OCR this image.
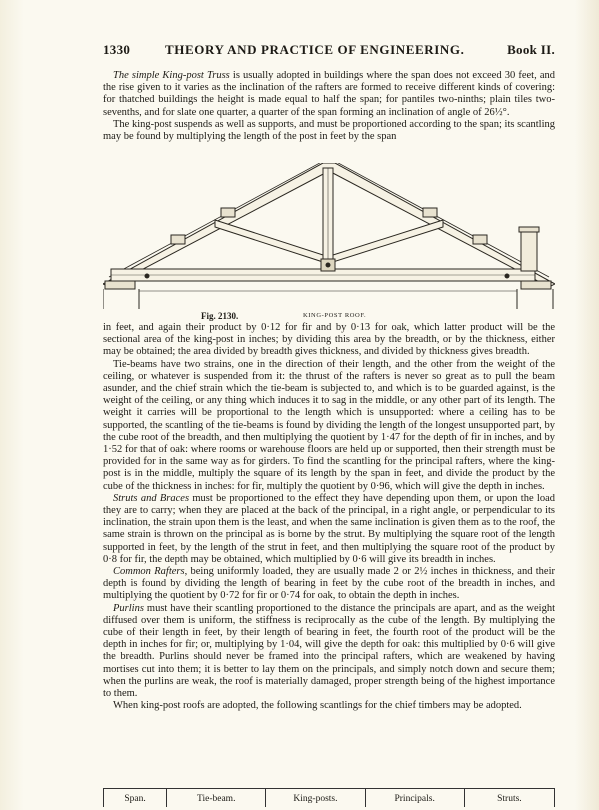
1330	THEORY AND PRACTICE OF ENGINEERING.	Book II.

The simple King-post Truss is usually adopted in buildings where the span does not exceed 30 feet, and the rise given to it varies as the inclination of the rafters are formed to receive different kinds of covering: for thatched buildings the height is made equal to half the span; for pantiles two-ninths; plain tiles two-sevenths, and for slate one quarter, a quarter of the span forming an inclination of angle of 26½°.

The king-post suspends as well as supports, and must be proportioned according to the span; its scantling may be found by multiplying the length of the post in feet by the span

Fig. 2130.	KING-POST ROOF.

in feet, and again their product by 0·12 for fir and by 0·13 for oak, which latter product will be the sectional area of the king-post in inches; by dividing this area by the breadth, or by the thickness, either may be obtained; the area divided by breadth gives thickness, and divided by thickness gives breadth.

Tie-beams have two strains, one in the direction of their length, and the other from the weight of the ceiling, or whatever is suspended from it: the thrust of the rafters is never so great as to pull the beam asunder, and the chief strain which the tie-beam is subjected to, and which is to be guarded against, is the weight of the ceiling, or any thing which induces it to sag in the middle, or any other part of its length. The weight it carries will be proportional to the length which is unsupported: where a ceiling has to be supported, the scantling of the tie-beams is found by dividing the length of the longest unsupported part, by the cube root of the breadth, and then multiplying the quotient by 1·47 for the depth of fir in inches, and by 1·52 for that of oak: where rooms or warehouse floors are held up or supported, then their strength must be provided for in the same way as for girders. To find the scantling for the principal rafters, where the king-post is in the middle, multiply the square of its length by the span in feet, and divide the product by the cube of the thickness in inches: for fir, multiply the quotient by 0·96, which will give the depth in inches.

Struts and Braces must be proportioned to the effect they have depending upon them, or upon the load they are to carry; when they are placed at the back of the principal, in a right angle, or perpendicular to its inclination, the strain upon them is the least, and when the same inclination is given them as to the roof, the same strain is thrown on the principal as is borne by the strut. By multiplying the square root of the length supported in feet, by the length of the strut in feet, and then multiplying the square root of the product by 0·8 for fir, the depth may be obtained, which multiplied by 0·6 will give its breadth in inches.

Common Rafters, being uniformly loaded, they are usually made 2 or 2½ inches in thickness, and their depth is found by dividing the length of bearing in feet by the cube root of the breadth in inches, and multiplying the quotient by 0·72 for fir or 0·74 for oak, to obtain the depth in inches.

Purlins must have their scantling proportioned to the distance the principals are apart, and as the weight diffused over them is uniform, the stiffness is reciprocally as the cube of the length. By multiplying the cube of their length in feet, by their length of bearing in feet, the fourth root of the product will be the depth in inches for fir; or, multiplying by 1·04, will give the depth for oak: this multiplied by 0·6 will give the breadth. Purlins should never be framed into the principal rafters, which are weakened by having mortises cut into them; it is better to lay them on the principals, and simply notch down and secure them; when the purlins are weak, the roof is materially damaged, proper strength being of the highest importance to them.

When king-post roofs are adopted, the following scantlings for the chief timbers may be adopted.

Span.	Tie-beam.	King-posts.	Principals.	Struts.
